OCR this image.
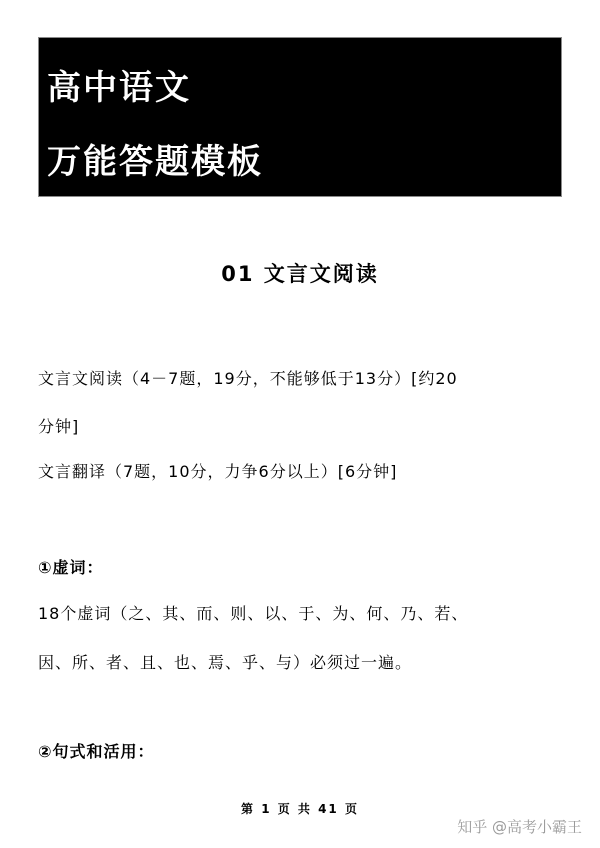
高中语文
万能答题模板
01 文言文阅读
文言文阅读（4－7题，19分，不能够低于13分）[约20
分钟]
文言翻译（7题，10分，力争6分以上）[6分钟]
①虚词：
18个虚词（之、其、而、则、以、于、为、何、乃、若、
因、所、者、且、也、焉、乎、与）必须过一遍。
②句式和活用：
第 1 页 共 41 页
知乎 @高考小霸王
